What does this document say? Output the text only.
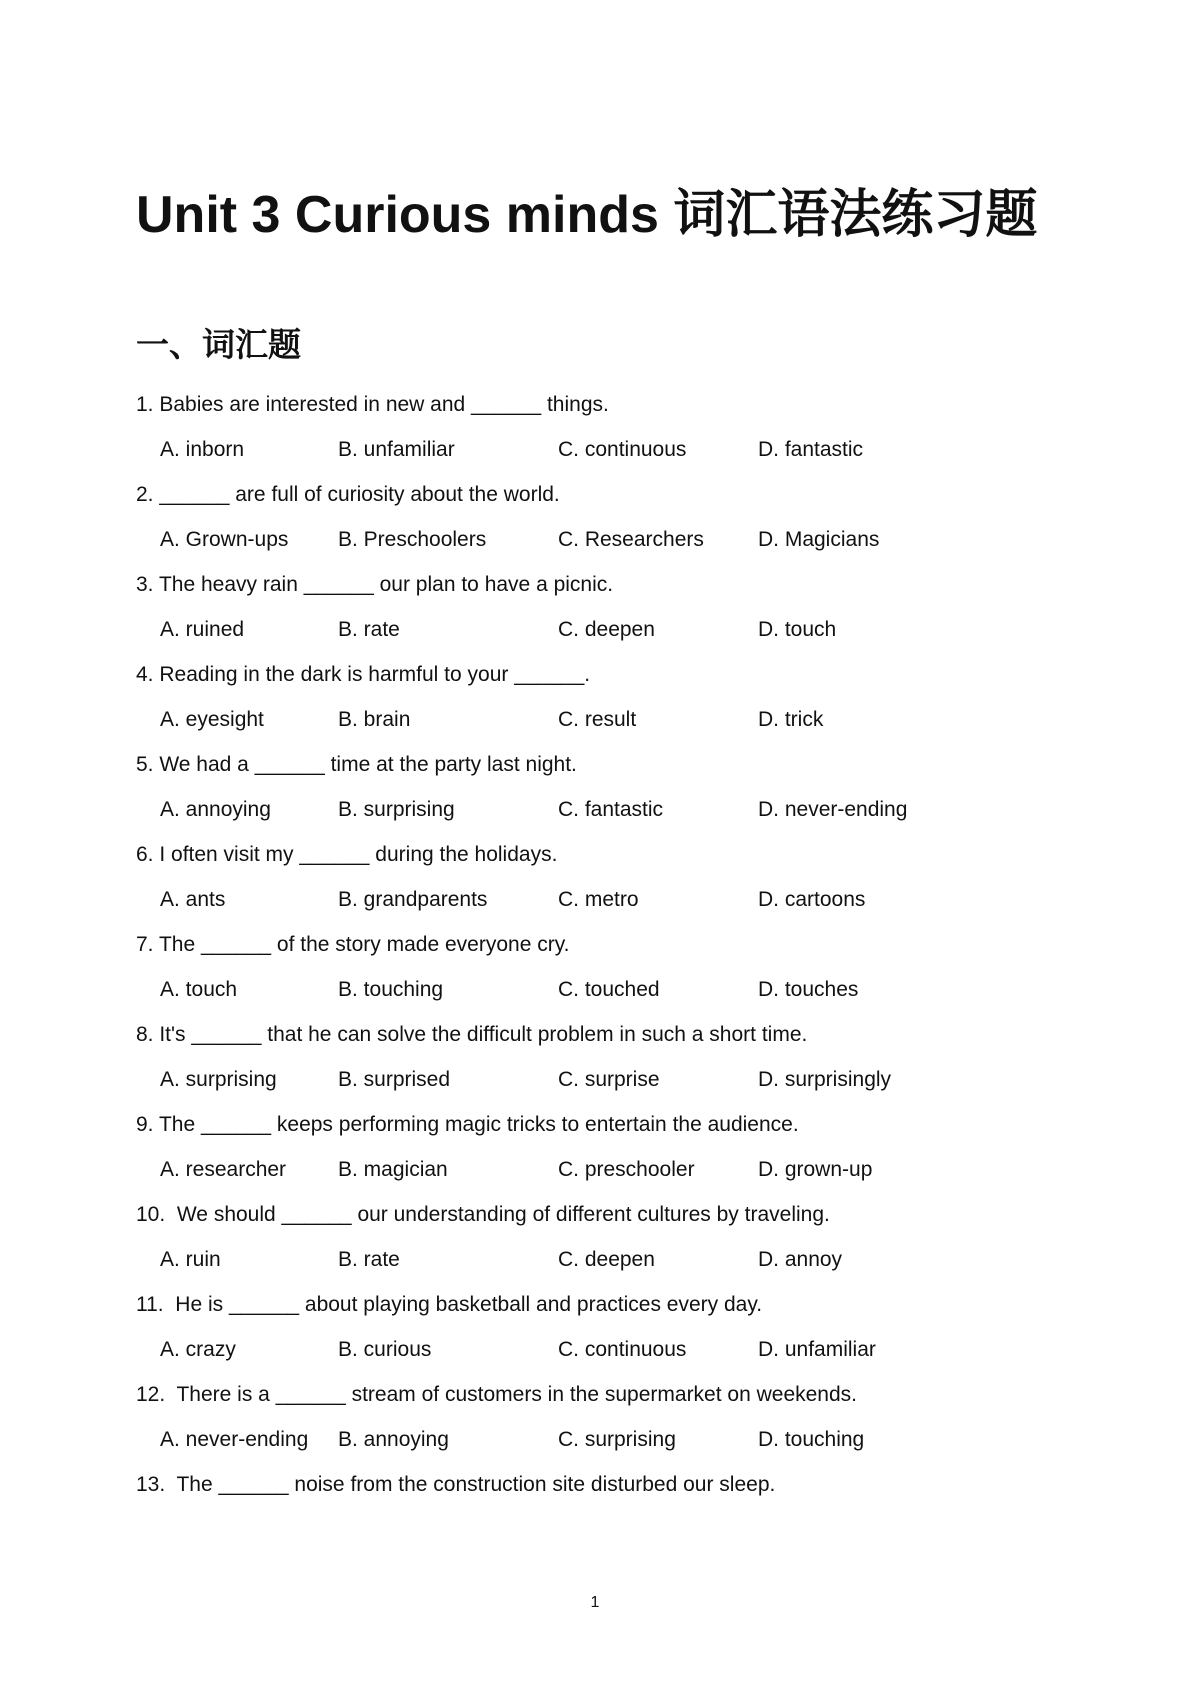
Unit 3 Curious minds 词汇语法练习题
一、词汇题
1. Babies are interested in new and ______ things.
A. inborn	B. unfamiliar	C. continuous	D. fantastic
2. ______ are full of curiosity about the world.
A. Grown-ups	B. Preschoolers	C. Researchers	D. Magicians
3. The heavy rain ______ our plan to have a picnic.
A. ruined	B. rate	C. deepen	D. touch
4. Reading in the dark is harmful to your ______.
A. eyesight	B. brain	C. result	D. trick
5. We had a ______ time at the party last night.
A. annoying	B. surprising	C. fantastic	D. never-ending
6. I often visit my ______ during the holidays.
A. ants	B. grandparents	C. metro	D. cartoons
7. The ______ of the story made everyone cry.
A. touch	B. touching	C. touched	D. touches
8. It's ______ that he can solve the difficult problem in such a short time.
A. surprising	B. surprised	C. surprise	D. surprisingly
9. The ______ keeps performing magic tricks to entertain the audience.
A. researcher	B. magician	C. preschooler	D. grown-up
10.  We should ______ our understanding of different cultures by traveling.
A. ruin	B. rate	C. deepen	D. annoy
11.  He is ______ about playing basketball and practices every day.
A. crazy	B. curious	C. continuous	D. unfamiliar
12.  There is a ______ stream of customers in the supermarket on weekends.
A. never-ending	B. annoying	C. surprising	D. touching
13.  The ______ noise from the construction site disturbed our sleep.
1
